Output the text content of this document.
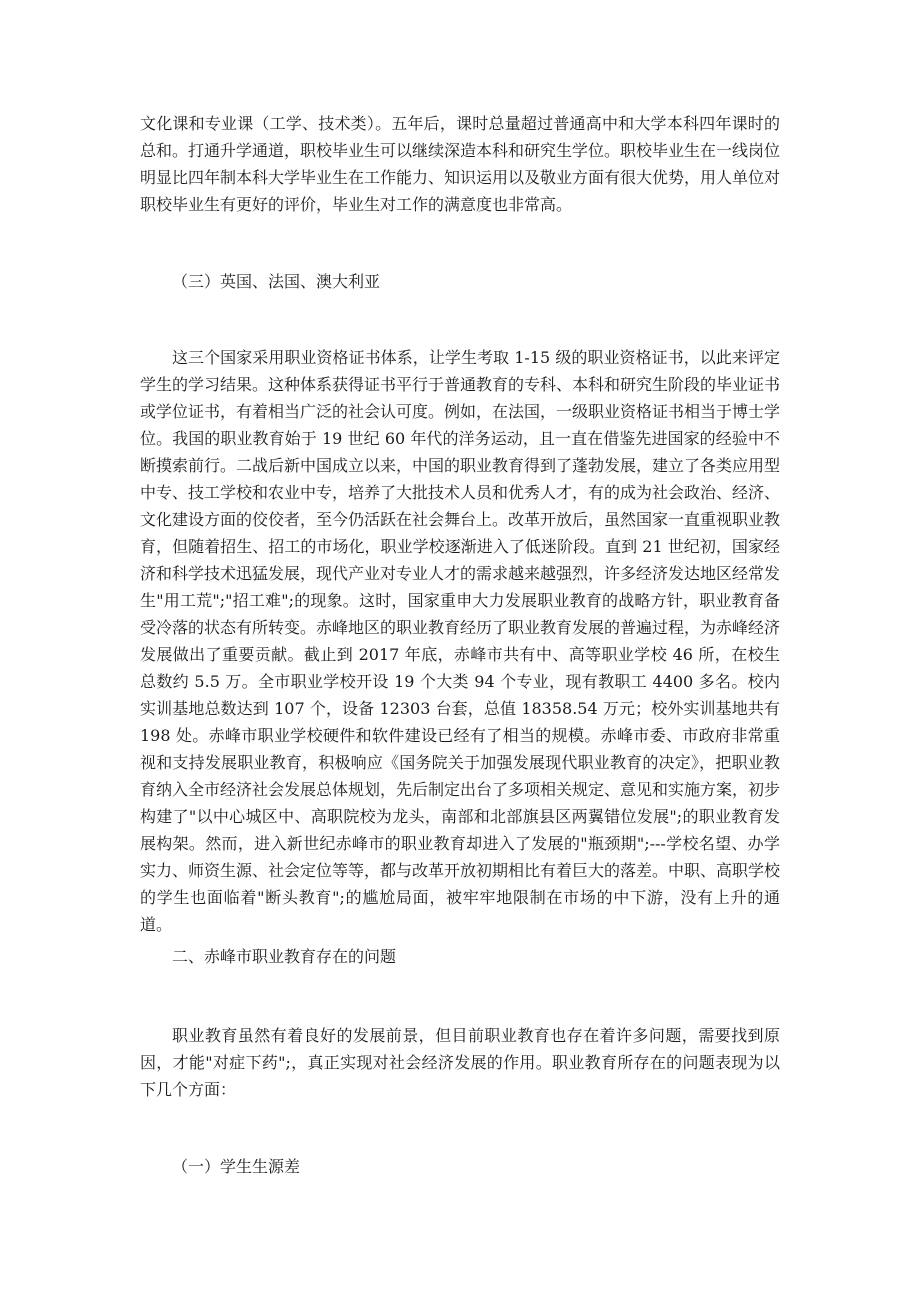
文化课和专业课（工学、技术类）。五年后，课时总量超过普通高中和大学本科四年课时的总和。打通升学通道，职校毕业生可以继续深造本科和研究生学位。职校毕业生在一线岗位明显比四年制本科大学毕业生在工作能力、知识运用以及敬业方面有很大优势，用人单位对职校毕业生有更好的评价，毕业生对工作的满意度也非常高。

（三）英国、法国、澳大利亚

这三个国家采用职业资格证书体系，让学生考取 1-15 级的职业资格证书，以此来评定学生的学习结果。这种体系获得证书平行于普通教育的专科、本科和研究生阶段的毕业证书或学位证书，有着相当广泛的社会认可度。例如，在法国，一级职业资格证书相当于博士学位。我国的职业教育始于 19 世纪 60 年代的洋务运动，且一直在借鉴先进国家的经验中不断摸索前行。二战后新中国成立以来，中国的职业教育得到了蓬勃发展，建立了各类应用型中专、技工学校和农业中专，培养了大批技术人员和优秀人才，有的成为社会政治、经济、文化建设方面的佼佼者，至今仍活跃在社会舞台上。改革开放后，虽然国家一直重视职业教育，但随着招生、招工的市场化，职业学校逐渐进入了低迷阶段。直到 21 世纪初，国家经济和科学技术迅猛发展，现代产业对专业人才的需求越来越强烈，许多经济发达地区经常发生"用工荒";"招工难";的现象。这时，国家重申大力发展职业教育的战略方针，职业教育备受冷落的状态有所转变。赤峰地区的职业教育经历了职业教育发展的普遍过程，为赤峰经济发展做出了重要贡献。截止到 2017 年底，赤峰市共有中、高等职业学校 46 所，在校生总数约 5.5 万。全市职业学校开设 19 个大类 94 个专业，现有教职工 4400 多名。校内实训基地总数达到 107 个，设备 12303 台套，总值 18358.54 万元；校外实训基地共有 198 处。赤峰市职业学校硬件和软件建设已经有了相当的规模。赤峰市委、市政府非常重视和支持发展职业教育，积极响应《国务院关于加强发展现代职业教育的决定》，把职业教育纳入全市经济社会发展总体规划，先后制定出台了多项相关规定、意见和实施方案，初步构建了"以中心城区中、高职院校为龙头，南部和北部旗县区两翼错位发展";的职业教育发展构架。然而，进入新世纪赤峰市的职业教育却进入了发展的"瓶颈期";---学校名望、办学实力、师资生源、社会定位等等，都与改革开放初期相比有着巨大的落差。中职、高职学校的学生也面临着"断头教育";的尴尬局面，被牢牢地限制在市场的中下游，没有上升的通道。

二、赤峰市职业教育存在的问题

职业教育虽然有着良好的发展前景，但目前职业教育也存在着许多问题，需要找到原因，才能"对症下药";，真正实现对社会经济发展的作用。职业教育所存在的问题表现为以下几个方面：

（一）学生生源差
